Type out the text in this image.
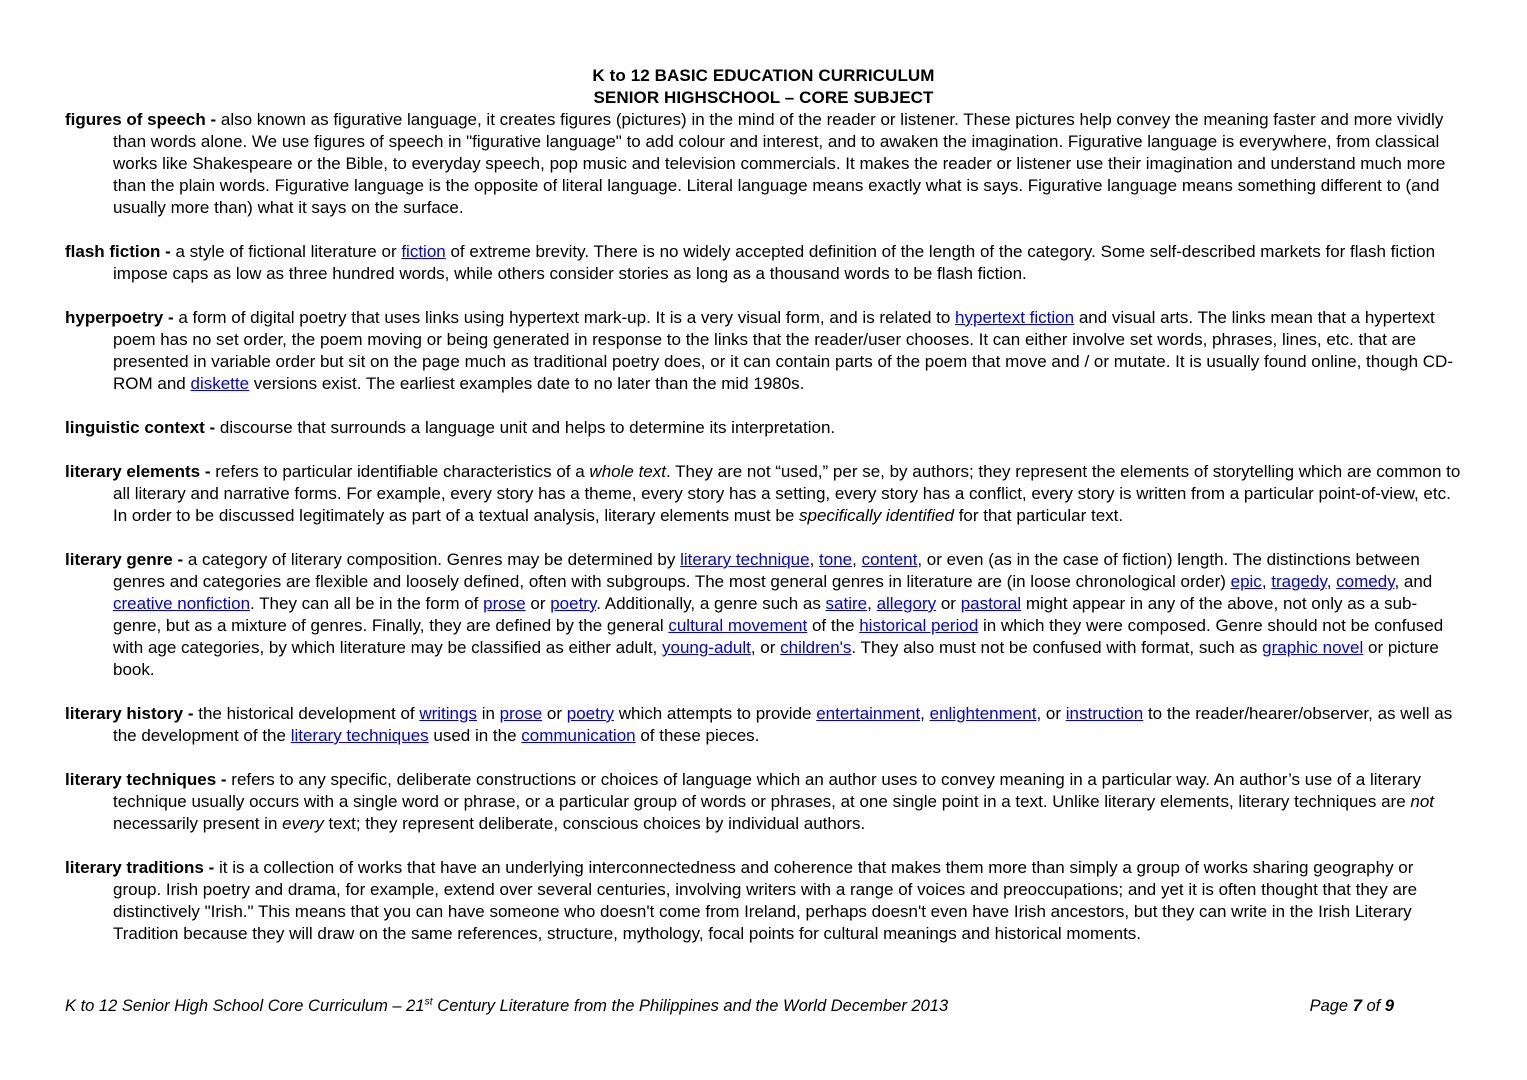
K to 12 BASIC EDUCATION CURRICULUM
SENIOR HIGHSCHOOL – CORE SUBJECT

figures of speech - also known as figurative language, it creates figures (pictures) in the mind of the reader or listener. These pictures help convey the meaning faster and more vividly than words alone. We use figures of speech in "figurative language" to add colour and interest, and to awaken the imagination. Figurative language is everywhere, from classical works like Shakespeare or the Bible, to everyday speech, pop music and television commercials. It makes the reader or listener use their imagination and understand much more than the plain words. Figurative language is the opposite of literal language. Literal language means exactly what is says. Figurative language means something different to (and usually more than) what it says on the surface.

flash fiction - a style of fictional literature or fiction of extreme brevity. There is no widely accepted definition of the length of the category. Some self-described markets for flash fiction impose caps as low as three hundred words, while others consider stories as long as a thousand words to be flash fiction.

hyperpoetry - a form of digital poetry that uses links using hypertext mark-up. It is a very visual form, and is related to hypertext fiction and visual arts. The links mean that a hypertext poem has no set order, the poem moving or being generated in response to the links that the reader/user chooses. It can either involve set words, phrases, lines, etc. that are presented in variable order but sit on the page much as traditional poetry does, or it can contain parts of the poem that move and / or mutate. It is usually found online, though CD-ROM and diskette versions exist. The earliest examples date to no later than the mid 1980s.

linguistic context - discourse that surrounds a language unit and helps to determine its interpretation.

literary elements - refers to particular identifiable characteristics of a whole text. They are not “used,” per se, by authors; they represent the elements of storytelling which are common to all literary and narrative forms. For example, every story has a theme, every story has a setting, every story has a conflict, every story is written from a particular point-of-view, etc. In order to be discussed legitimately as part of a textual analysis, literary elements must be specifically identified for that particular text.

literary genre - a category of literary composition. Genres may be determined by literary technique, tone, content, or even (as in the case of fiction) length. The distinctions between genres and categories are flexible and loosely defined, often with subgroups. The most general genres in literature are (in loose chronological order) epic, tragedy, comedy, and creative nonfiction. They can all be in the form of prose or poetry. Additionally, a genre such as satire, allegory or pastoral might appear in any of the above, not only as a sub-genre, but as a mixture of genres. Finally, they are defined by the general cultural movement of the historical period in which they were composed. Genre should not be confused with age categories, by which literature may be classified as either adult, young-adult, or children's. They also must not be confused with format, such as graphic novel or picture book.

literary history - the historical development of writings in prose or poetry which attempts to provide entertainment, enlightenment, or instruction to the reader/hearer/observer, as well as the development of the literary techniques used in the communication of these pieces.

literary techniques - refers to any specific, deliberate constructions or choices of language which an author uses to convey meaning in a particular way. An author’s use of a literary technique usually occurs with a single word or phrase, or a particular group of words or phrases, at one single point in a text. Unlike literary elements, literary techniques are not necessarily present in every text; they represent deliberate, conscious choices by individual authors.

literary traditions - it is a collection of works that have an underlying interconnectedness and coherence that makes them more than simply a group of works sharing geography or group. Irish poetry and drama, for example, extend over several centuries, involving writers with a range of voices and preoccupations; and yet it is often thought that they are distinctively "Irish." This means that you can have someone who doesn't come from Ireland, perhaps doesn't even have Irish ancestors, but they can write in the Irish Literary Tradition because they will draw on the same references, structure, mythology, focal points for cultural meanings and historical moments.

K to 12 Senior High School Core Curriculum – 21st Century Literature from the Philippines and the World December 2013	Page 7 of 9
